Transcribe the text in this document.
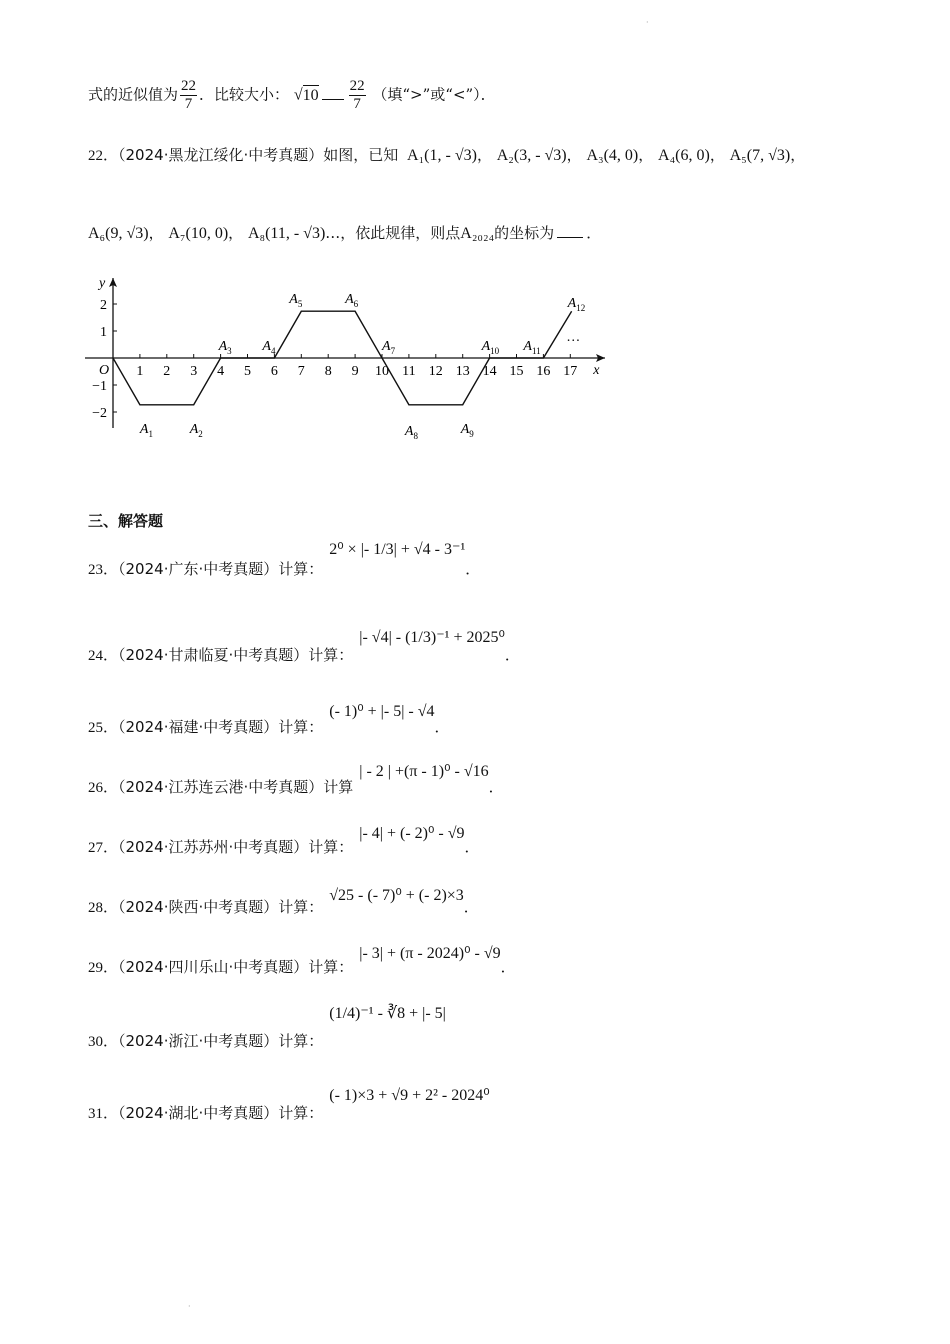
式的近似值为 $\frac{22}{7}$ ．比较大小： $√10 \frac{22}{7}$ （填“>”或“<”）．
22．（2024·黑龙江绥化·中考真题）如图，已知 A₁(1, - √3)， A₂(3, - √3)， A₃(4, 0)， A₄(6, 0)， A₅(7, √3)，
A₆(9, √3)， A₇(10, 0)， A₈(11, - √3)…，依此规律，则点A₂₀₂₄的坐标为 ．
x
y
O 1 2 3 4 5 6 7 8 9 10 11 12 13 14 15 16 17
2
1
−1
−2
$A_1$	$A_2$
$A_3$ $A_4$
$A_5$	$A_6$
$A_7$
$A_8$	$A_9$
$A_{10}$ $A_{11}$
$A_{12}$
…
三、解答题
23．（2024·广东·中考真题）计算：2⁰ × |- 1/3| + √4 - 3⁻¹．
24．（2024·甘肃临夏·中考真题）计算：|- √4| - (1/3)⁻¹ + 2025⁰．
25．（2024·福建·中考真题）计算：(- 1)⁰ + |- 5| - √4．
26．（2024·江苏连云港·中考真题）计算| - 2 | +(π - 1)⁰ - √16．
27．（2024·江苏苏州·中考真题）计算：|- 4| + (- 2)⁰ - √9．
28．（2024·陕西·中考真题）计算：√25 - (- 7)⁰ + (- 2)×3．
29．（2024·四川乐山·中考真题）计算：|- 3| + (π - 2024)⁰ - √9．
30．（2024·浙江·中考真题）计算：(1/4)⁻¹ - ∛8 + |- 5|
31．（2024·湖北·中考真题）计算：(- 1)×3 + √9 + 2² - 2024⁰
·
·
